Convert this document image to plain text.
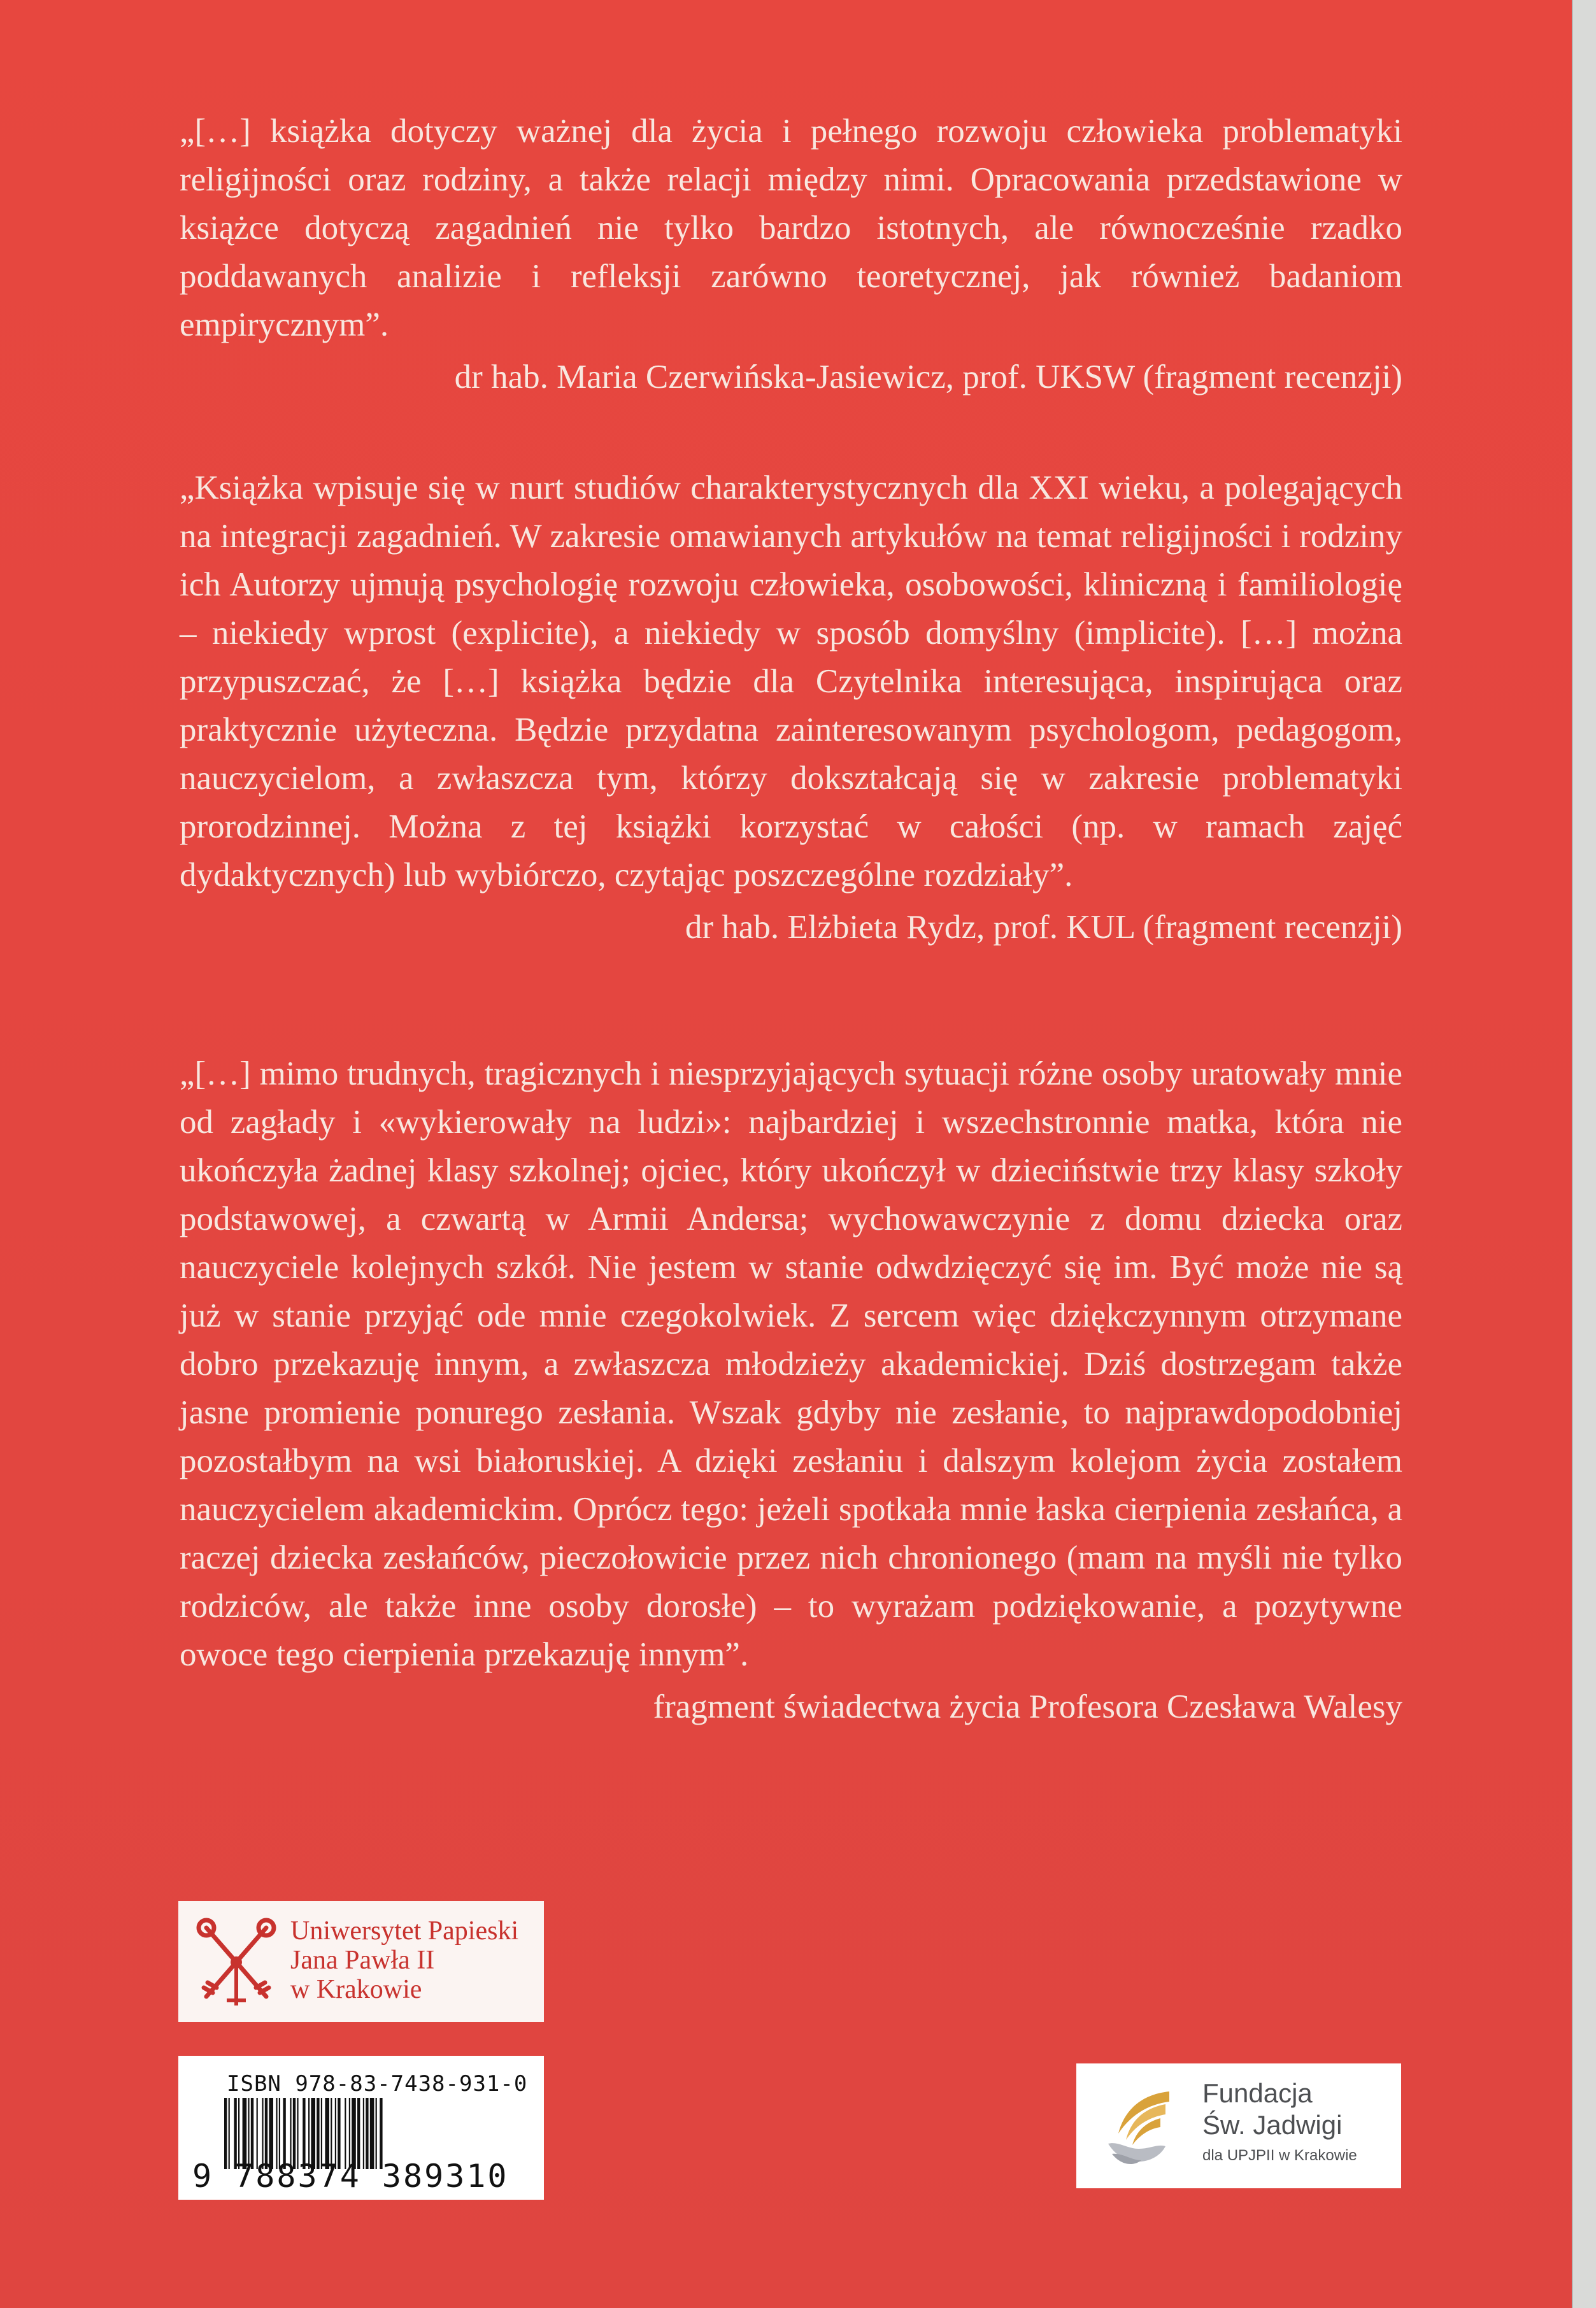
„[…] książka dotyczy ważnej dla życia i pełnego rozwoju człowieka problematyki religijności oraz rodziny, a także relacji między nimi. Opracowania przedstawione w książce dotyczą zagadnień nie tylko bardzo istotnych, ale równocześnie rzadko poddawanych analizie i refleksji zarówno teoretycznej, jak również badaniom empirycznym”.

dr hab. Maria Czerwińska-Jasiewicz, prof. UKSW (fragment recenzji)

„Książka wpisuje się w nurt studiów charakterystycznych dla XXI wieku, a polegających na integracji zagadnień. W zakresie omawianych artykułów na temat religijności i rodziny ich Autorzy ujmują psychologię rozwoju człowieka, osobowości, kliniczną i familiologię – niekiedy wprost (explicite), a niekiedy w sposób domyślny (implicite). […] można przypuszczać, że […] książka będzie dla Czytelnika interesująca, inspirująca oraz praktycznie użyteczna. Będzie przydatna zainteresowanym psychologom, pedagogom, nauczycielom, a zwłaszcza tym, którzy dokształcają się w zakresie problematyki prorodzinnej. Można z tej książki korzystać w całości (np. w ramach zajęć dydaktycznych) lub wybiórczo, czytając poszczególne rozdziały”.

dr hab. Elżbieta Rydz, prof. KUL (fragment recenzji)

„[…] mimo trudnych, tragicznych i niesprzyjających sytuacji różne osoby uratowały mnie od zagłady i «wykierowały na ludzi»: najbardziej i wszechstronnie matka, która nie ukończyła żadnej klasy szkolnej; ojciec, który ukończył w dzieciństwie trzy klasy szkoły podstawowej, a czwartą w Armii Andersa; wychowawczynie z domu dziecka oraz nauczyciele kolejnych szkół. Nie jestem w stanie odwdzięczyć się im. Być może nie są już w stanie przyjąć ode mnie czegokolwiek. Z sercem więc dziękczynnym otrzymane dobro przekazuję innym, a zwłaszcza młodzieży akademickiej. Dziś dostrzegam także jasne promienie ponurego zesłania. Wszak gdyby nie zesłanie, to najprawdopodobniej pozostałbym na wsi białoruskiej. A dzięki zesłaniu i dalszym kolejom życia zostałem nauczycielem akademickim. Oprócz tego: jeżeli spotkała mnie łaska cierpienia zesłańca, a raczej dziecka zesłańców, pieczołowicie przez nich chronionego (mam na myśli nie tylko rodziców, ale także inne osoby dorosłe) – to wyrażam podziękowanie, a pozytywne owoce tego cierpienia przekazuję innym”.

fragment świadectwa życia Profesora Czesława Walesy

Uniwersytet Papieski
Jana Pawła II
w Krakowie
ISBN 978-83-7438-931-0
9 788374 389310
Fundacja
Św. Jadwigi
dla UPJPII w Krakowie
